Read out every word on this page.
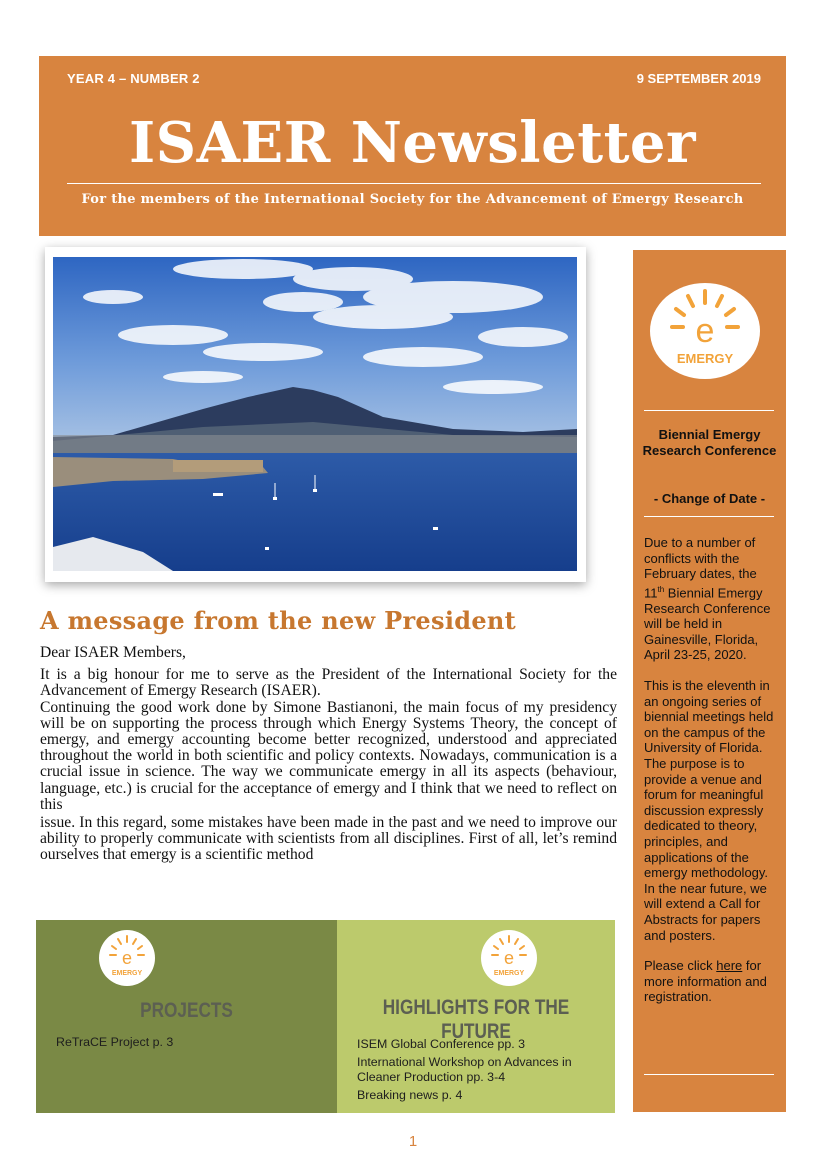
YEAR 4 – NUMBER 2	9 SEPTEMBER 2019
ISAER Newsletter
For the members of the International Society for the Advancement of Emergy Research
A message from the new President

Dear ISAER Members,

It is a big honour for me to serve as the President of the International Society for the Advancement of Emergy Research (ISAER).

Continuing the good work done by Simone Bastianoni, the main focus of my presidency will be on supporting the process through which Energy Systems Theory, the concept of emergy, and emergy accounting become better recognized, understood and appreciated throughout the world in both scientific and policy contexts. Nowadays, communication is a crucial issue in science. The way we communicate emergy in all its aspects (behaviour, language, etc.) is crucial for the acceptance of emergy and I think that we need to reflect on this

issue. In this regard, some mistakes have been made in the past and we need to improve our ability to properly communicate with scientists from all disciplines. First of all, let’s remind ourselves that emergy is a scientific method

e
EMERGY
Biennial Emergy Research Conference
- Change of Date -

Due to a number of conflicts with the February dates, the 11th Biennial Emergy Research Conference will be held in Gainesville, Florida, April 23-25, 2020.

This is the eleventh in an ongoing series of biennial meetings held on the campus of the University of Florida.

The purpose is to provide a venue and forum for meaningful discussion expressly dedicated to theory, principles, and applications of the emergy methodology.

In the near future, we will extend a Call for Abstracts for papers and posters.

Please click here for more information and registration.

e
EMERGY
PROJECTS
ReTraCE Project p. 3
e
EMERGY
HIGHLIGHTS FOR THE FUTURE
ISEM Global Conference pp. 3
International Workshop on Advances in Cleaner Production pp. 3-4
Breaking news p. 4
1
